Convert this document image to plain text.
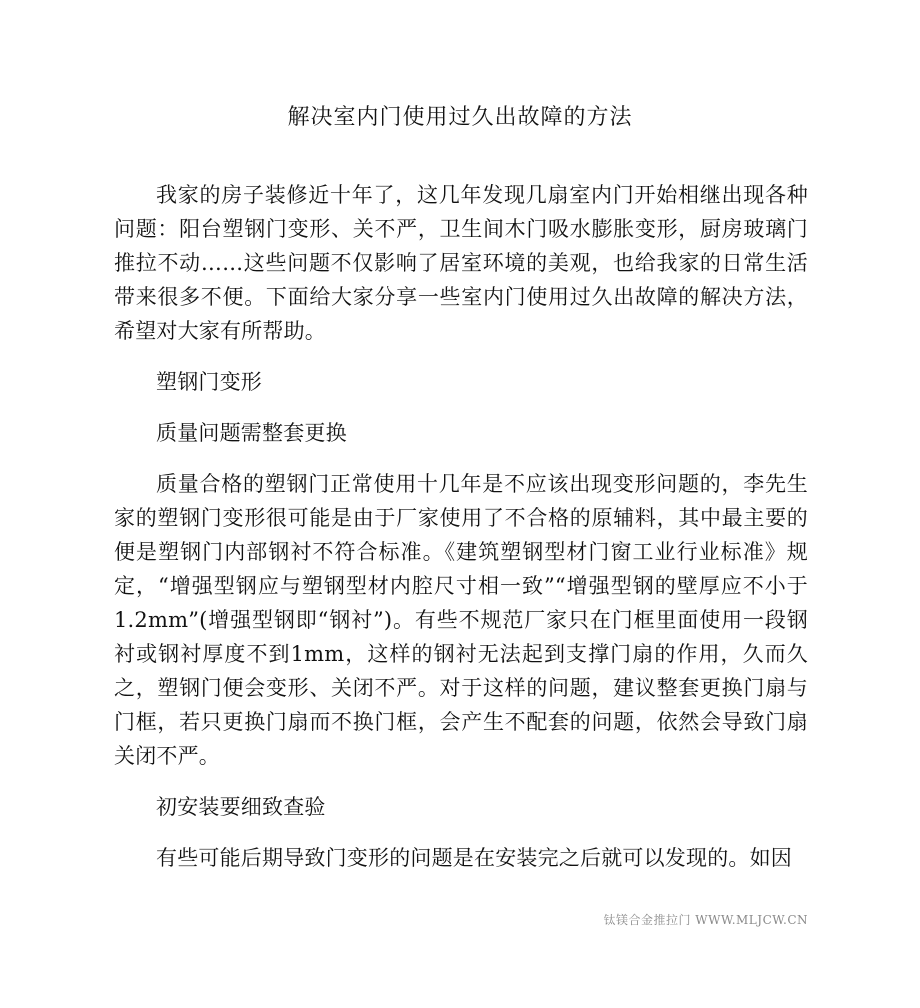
解决室内门使用过久出故障的方法

我家的房子装修近十年了，这几年发现几扇室内门开始相继出现各种问题：阳台塑钢门变形、关不严，卫生间木门吸水膨胀变形，厨房玻璃门推拉不动……这些问题不仅影响了居室环境的美观，也给我家的日常生活带来很多不便。下面给大家分享一些室内门使用过久出故障的解决方法，希望对大家有所帮助。

塑钢门变形

质量问题需整套更换

质量合格的塑钢门正常使用十几年是不应该出现变形问题的，李先生家的塑钢门变形很可能是由于厂家使用了不合格的原辅料，其中最主要的便是塑钢门内部钢衬不符合标准。《建筑塑钢型材门窗工业行业标准》规定，“增强型钢应与塑钢型材内腔尺寸相一致”“增强型钢的壁厚应不小于1.2mm”(增强型钢即“钢衬”)。有些不规范厂家只在门框里面使用一段钢衬或钢衬厚度不到1mm，这样的钢衬无法起到支撑门扇的作用，久而久之，塑钢门便会变形、关闭不严。对于这样的问题，建议整套更换门扇与门框，若只更换门扇而不换门框，会产生不配套的问题，依然会导致门扇关闭不严。

初安装要细致查验

有些可能后期导致门变形的问题是在安装完之后就可以发现的。如因

钛镁合金推拉门 WWW.MLJCW.CN
